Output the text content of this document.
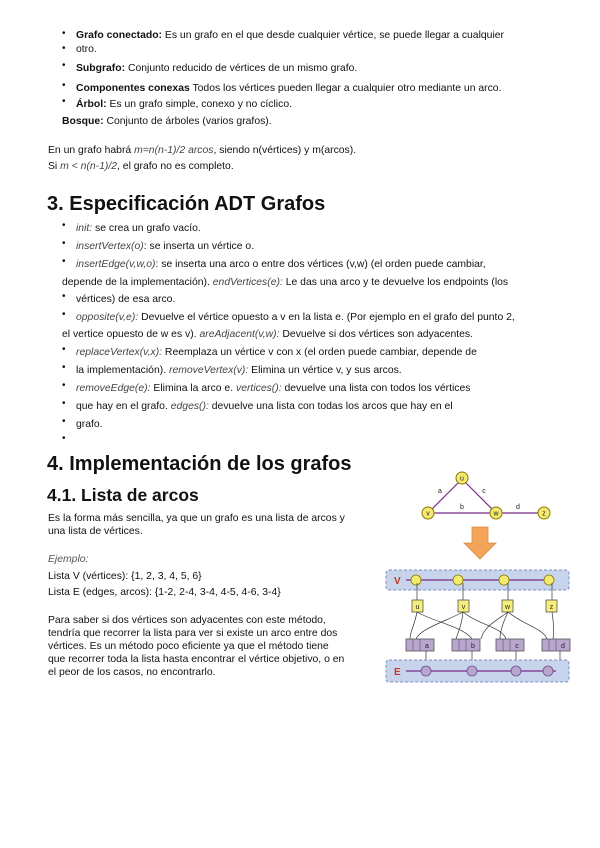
• Grafo conectado: Es un grafo en el que desde cualquier vértice, se puede llegar a cualquier
• otro.
• Subgrafo: Conjunto reducido de vértices de un mismo grafo.
• Componentes conexas Todos los vértices pueden llegar a cualquier otro mediante un arco.
• Árbol: Es un grafo simple, conexo y no cíclico.
Bosque: Conjunto de árboles (varios grafos).
En un grafo habrá m=n(n-1)/2 arcos, siendo n(vértices) y m(arcos).
Si m < n(n-1)/2, el grafo no es completo.
3. Especificación ADT Grafos
• init: se crea un grafo vacío.
• insertVertex(o): se inserta un vértice o.
• insertEdge(v,w,o): se inserta una arco o entre dos vértices (v,w) (el orden puede cambiar,
depende de la implementación). endVertices(e): Le das una arco y te devuelve los endpoints (los
• vértices) de esa arco.
• opposite(v,e): Devuelve el vértice opuesto a v en la lista e. (Por ejemplo en el grafo del punto 2,
el vertice opuesto de w es v). areAdjacent(v,w): Devuelve si dos vértices son adyacentes.
• replaceVertex(v,x): Reemplaza un vértice v con x (el orden puede cambiar, depende de
• la implementación). removeVertex(v): Elimina un vértice v, y sus arcos.
• removeEdge(e): Elimina la arco e. vertices(): devuelve una lista con todos los vértices
• que hay en el grafo. edges(): devuelve una lista con todas los arcos que hay en el
• grafo.
•
4. Implementación de los grafos
4.1. Lista de arcos
Es la forma más sencilla, ya que un grafo es una lista de arcos y
una lista de vértices.
Ejemplo:
Lista V (vértices): {1, 2, 3, 4, 5, 6}
Lista E (edges, arcos): {1-2, 2-4, 3-4, 4-5, 4-6, 3-4}
Para saber si dos vértices son adyacentes con este método,
tendría que recorrer la lista para ver si existe un arco entre dos
vértices. Es un método poco eficiente ya que el método tiene
que recorrer toda la lista hasta encontrar el vértice objetivo, o en
el peor de los casos, no encontrarlo.
u
v	w	z
a
b
c
d
V
u	v	w	z
a	b	c	d
E
